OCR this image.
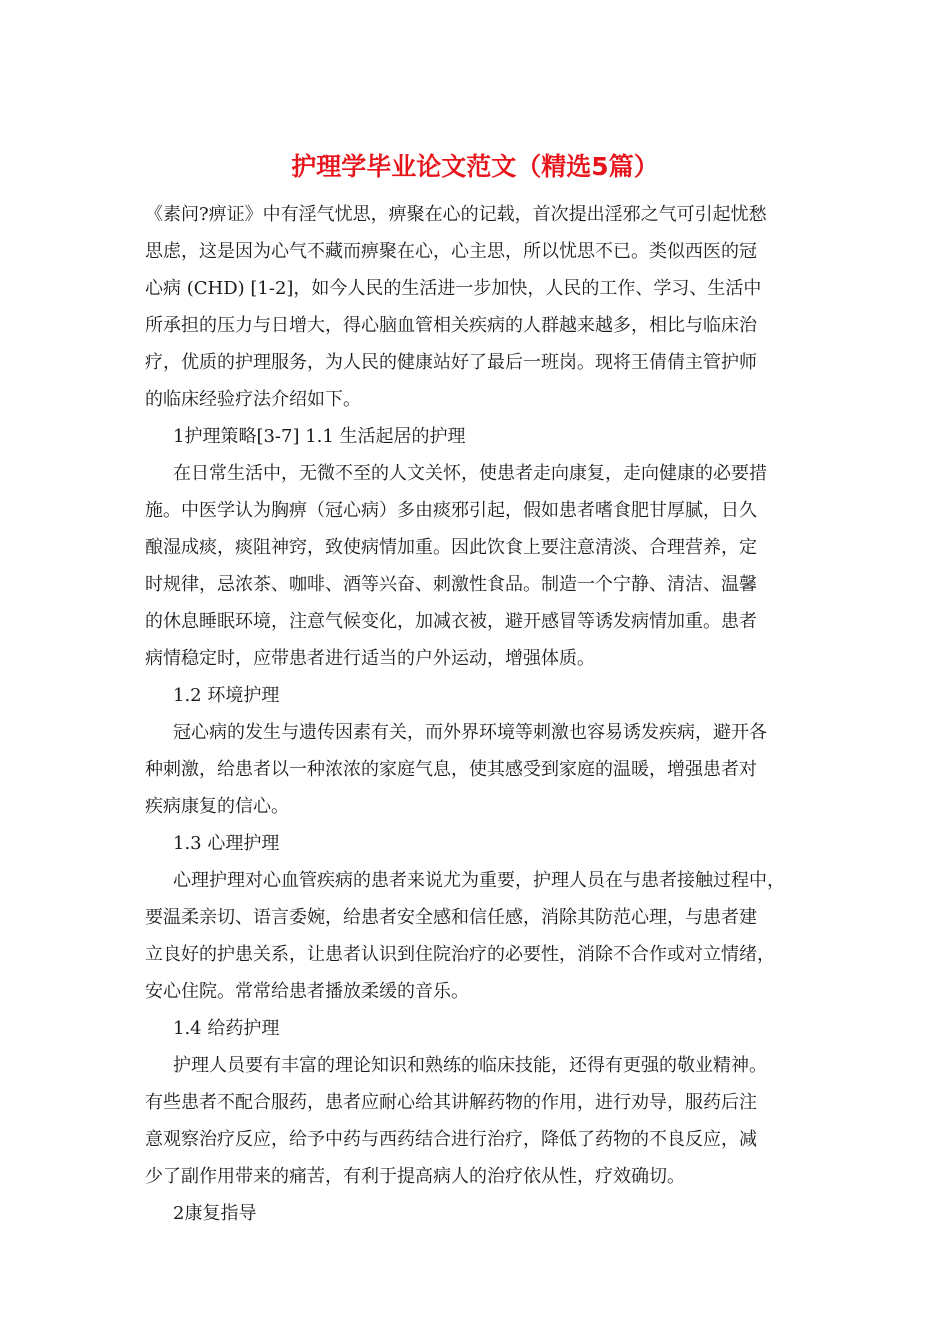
护理学毕业论文范文（精选5篇）
《素问?痹证》中有淫气忧思，痹聚在心的记载，首次提出淫邪之气可引起忧愁
思虑，这是因为心气不藏而痹聚在心，心主思，所以忧思不已。类似西医的冠
心病 (CHD) [1-2]，如今人民的生活进一步加快，人民的工作、学习、生活中
所承担的压力与日增大，得心脑血管相关疾病的人群越来越多，相比与临床治
疗，优质的护理服务，为人民的健康站好了最后一班岗。现将王倩倩主管护师
的临床经验疗法介绍如下。
1护理策略[3-7] 1.1 生活起居的护理
在日常生活中，无微不至的人文关怀，使患者走向康复，走向健康的必要措
施。中医学认为胸痹（冠心病）多由痰邪引起，假如患者嗜食肥甘厚腻，日久
酿湿成痰，痰阻神窍，致使病情加重。因此饮食上要注意清淡、合理营养，定
时规律，忌浓茶、咖啡、酒等兴奋、刺激性食品。制造一个宁静、清洁、温馨
的休息睡眠环境，注意气候变化，加减衣被，避开感冒等诱发病情加重。患者
病情稳定时，应带患者进行适当的户外运动，增强体质。
1.2 环境护理
冠心病的发生与遗传因素有关，而外界环境等刺激也容易诱发疾病，避开各
种刺激，给患者以一种浓浓的家庭气息，使其感受到家庭的温暖，增强患者对
疾病康复的信心。
1.3 心理护理
心理护理对心血管疾病的患者来说尤为重要，护理人员在与患者接触过程中，
要温柔亲切、语言委婉，给患者安全感和信任感，消除其防范心理，与患者建
立良好的护患关系，让患者认识到住院治疗的必要性，消除不合作或对立情绪，
安心住院。常常给患者播放柔缓的音乐。
1.4 给药护理
护理人员要有丰富的理论知识和熟练的临床技能，还得有更强的敬业精神。
有些患者不配合服药，患者应耐心给其讲解药物的作用，进行劝导，服药后注
意观察治疗反应，给予中药与西药结合进行治疗，降低了药物的不良反应，减
少了副作用带来的痛苦，有利于提高病人的治疗依从性，疗效确切。
2康复指导
